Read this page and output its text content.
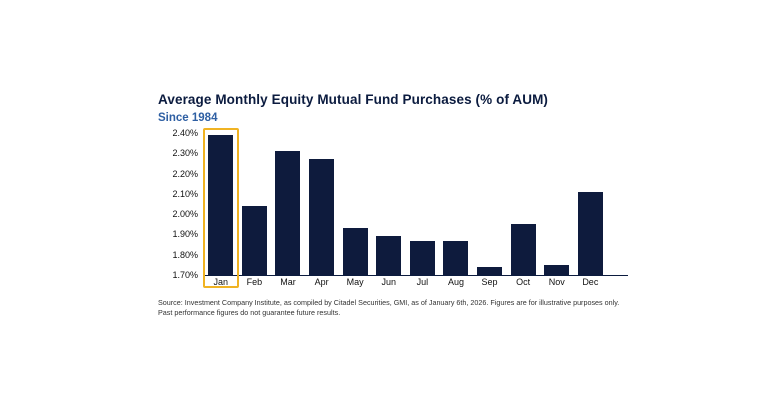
Average Monthly Equity Mutual Fund Purchases (% of AUM)
Since 1984
1.70%
1.80%
1.90%
2.00%
2.10%
2.20%
2.30%
2.40%
Jan	Feb	Mar	Apr	May	Jun	Jul	Aug	Sep	Oct	Nov	Dec
Source: Investment Company Institute, as compiled by Citadel Securities, GMI, as of January 6th, 2026. Figures are for illustrative purposes only.
Past performance figures do not guarantee future results.
